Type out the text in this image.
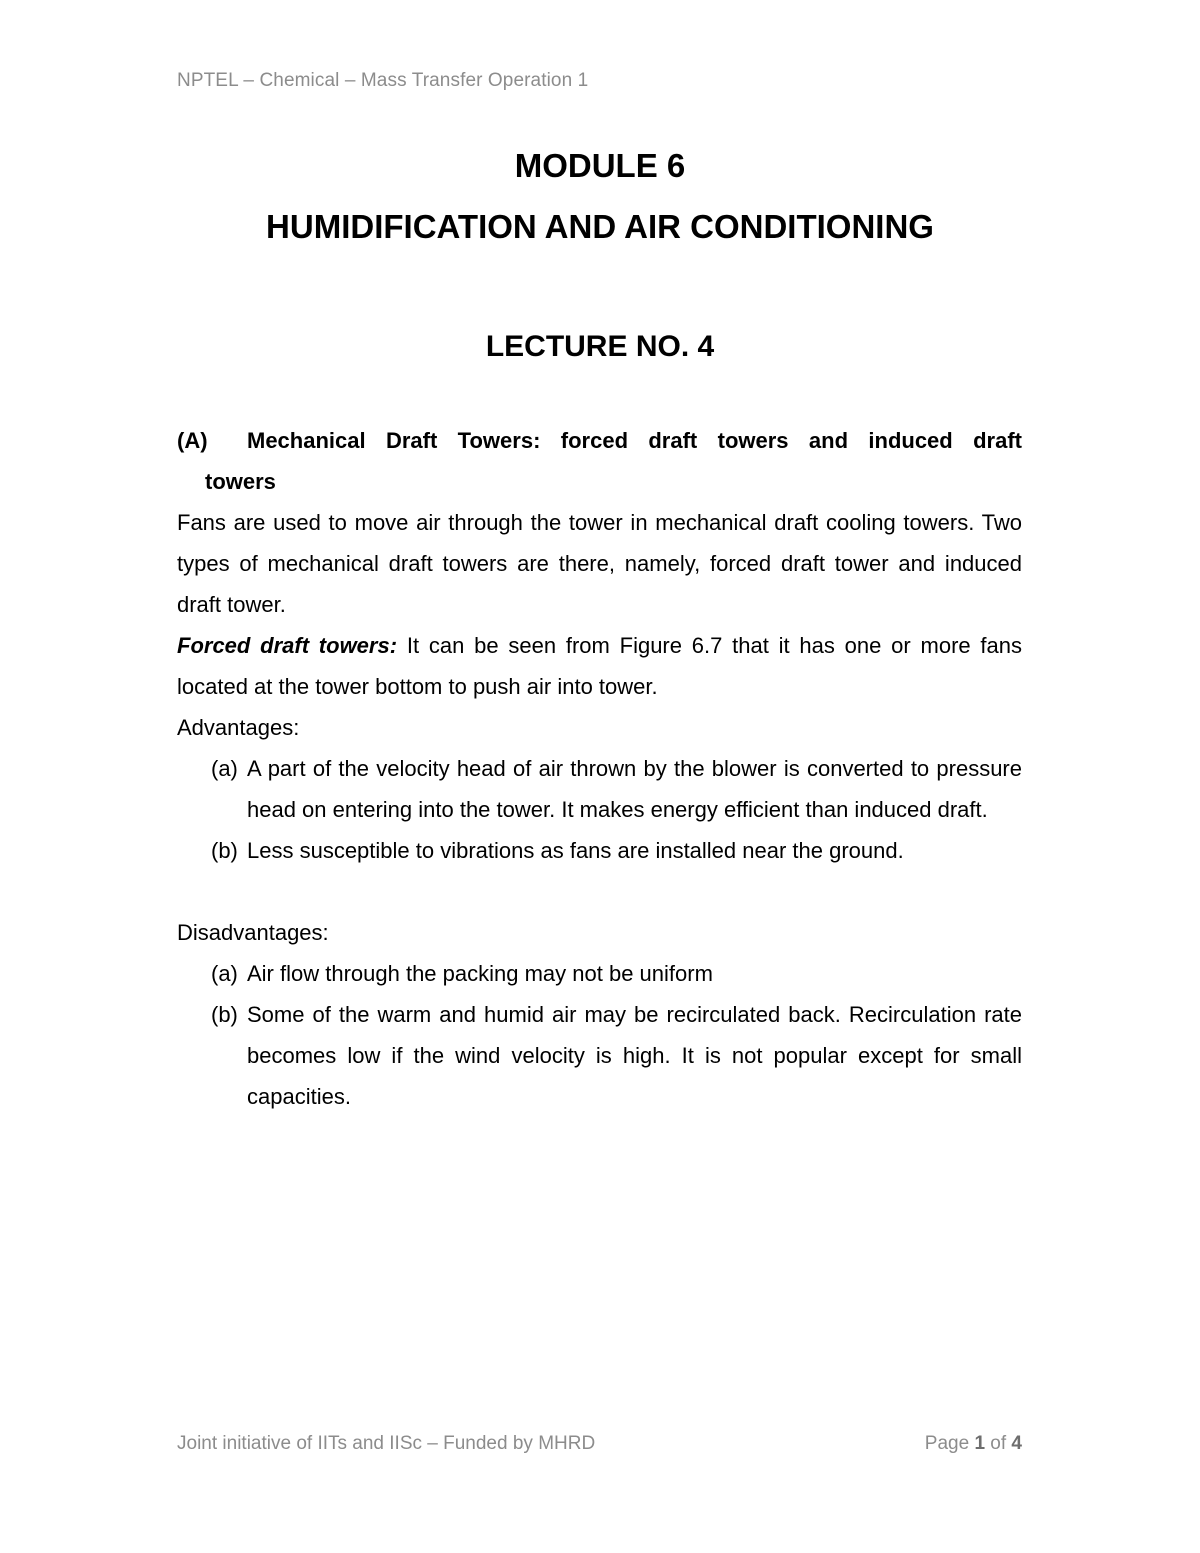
NPTEL – Chemical – Mass Transfer Operation 1
MODULE 6
HUMIDIFICATION AND AIR CONDITIONING
LECTURE NO. 4
(A)	Mechanical Draft Towers: forced draft towers and induced draft
towers

Fans are used to move air through the tower in mechanical draft cooling towers. Two types of mechanical draft towers are there, namely, forced draft tower and induced draft tower.

Forced draft towers: It can be seen from Figure 6.7 that it has one or more fans located at the tower bottom to push air into tower.

Advantages:

(a) A part of the velocity head of air thrown by the blower is converted to pressure head on entering into the tower. It makes energy efficient than induced draft.
(b) Less susceptible to vibrations as fans are installed near the ground.

Disadvantages:

(a) Air flow through the packing may not be uniform
(b) Some of the warm and humid air may be recirculated back. Recirculation rate becomes low if the wind velocity is high. It is not popular except for small capacities.
Joint initiative of IITs and IISc – Funded by MHRD	Page 1 of 4
